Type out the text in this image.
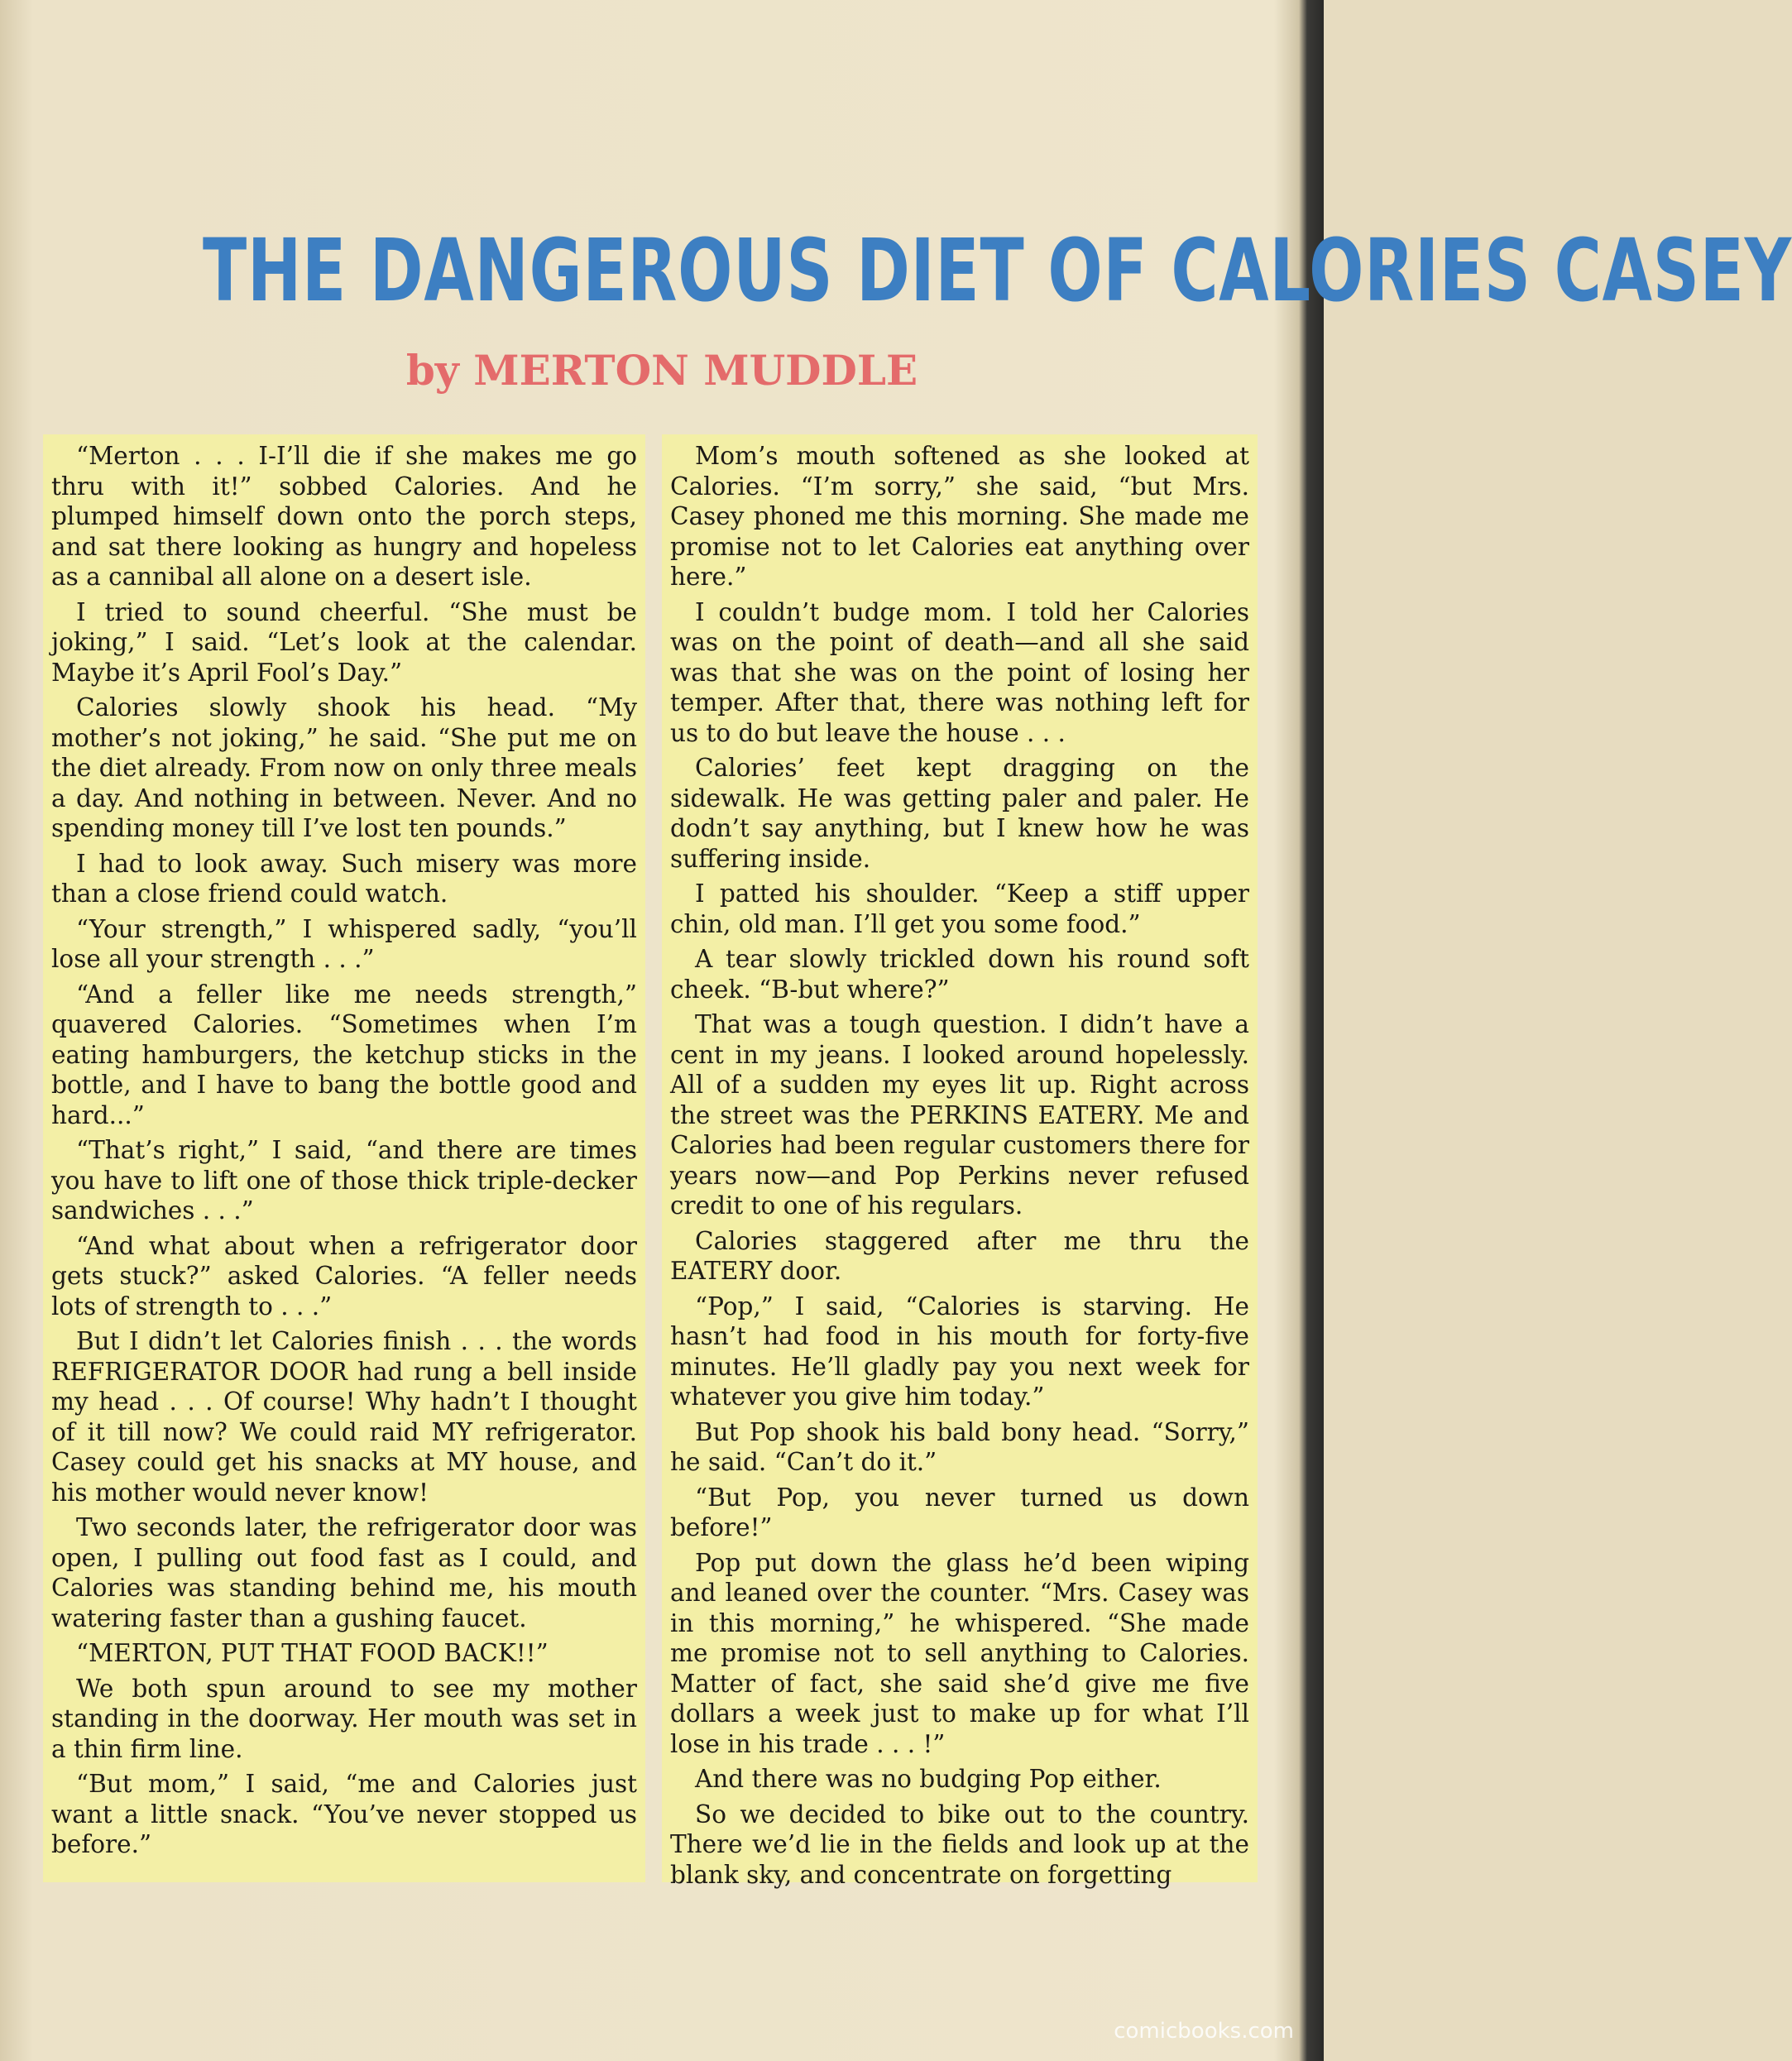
THE DANGEROUS DIET OF CALORIES CASEY
by MERTON MUDDLE

“Merton . . . I-I’ll die if she makes me go thru with it!” sobbed Calories. And he plumped himself down onto the porch steps, and sat there looking as hungry and hopeless as a cannibal all alone on a desert isle.

I tried to sound cheerful. “She must be joking,” I said. “Let’s look at the calendar. Maybe it’s April Fool’s Day.”

Calories slowly shook his head. “My mother’s not joking,” he said. “She put me on the diet already. From now on only three meals a day. And nothing in between. Never. And no spending money till I’ve lost ten pounds.”

I had to look away. Such misery was more than a close friend could watch.

“Your strength,” I whispered sadly, “you’ll lose all your strength . . .”

“And a feller like me needs strength,” quavered Calories. “Sometimes when I’m eating hamburgers, the ketchup sticks in the bottle, and I have to bang the bottle good and hard...”

“That’s right,” I said, “and there are times you have to lift one of those thick triple-decker sandwiches . . .”

“And what about when a refrigerator door gets stuck?” asked Calories. “A feller needs lots of strength to . . .”

But I didn’t let Calories finish . . . the words REFRIGERATOR DOOR had rung a bell inside my head . . . Of course! Why hadn’t I thought of it till now? We could raid MY refrigerator. Casey could get his snacks at MY house, and his mother would never know!

Two seconds later, the refrigerator door was open, I pulling out food fast as I could, and Calories was standing behind me, his mouth watering faster than a gushing faucet.

“MERTON, PUT THAT FOOD BACK!!”

We both spun around to see my mother standing in the doorway. Her mouth was set in a thin firm line.

“But mom,” I said, “me and Calories just want a little snack. “You’ve never stopped us before.”

Mom’s mouth softened as she looked at Calories. “I’m sorry,” she said, “but Mrs. Casey phoned me this morning. She made me promise not to let Calories eat anything over here.”

I couldn’t budge mom. I told her Calories was on the point of death—and all she said was that she was on the point of losing her temper. After that, there was nothing left for us to do but leave the house . . .

Calories’ feet kept dragging on the sidewalk. He was getting paler and paler. He dodn’t say anything, but I knew how he was suffering inside.

I patted his shoulder. “Keep a stiff upper chin, old man. I’ll get you some food.”

A tear slowly trickled down his round soft cheek. “B-but where?”

That was a tough question. I didn’t have a cent in my jeans. I looked around hopelessly. All of a sudden my eyes lit up. Right across the street was the PERKINS EATERY. Me and Calories had been regular customers there for years now—and Pop Perkins never refused credit to one of his regulars.

Calories staggered after me thru the EATERY door.

“Pop,” I said, “Calories is starving. He hasn’t had food in his mouth for forty-five minutes. He’ll gladly pay you next week for whatever you give him today.”

But Pop shook his bald bony head. “Sorry,” he said. “Can’t do it.”

“But Pop, you never turned us down before!”

Pop put down the glass he’d been wiping and leaned over the counter. “Mrs. Casey was in this morning,” he whispered. “She made me promise not to sell anything to Calories. Matter of fact, she said she’d give me five dollars a week just to make up for what I’ll lose in his trade . . . !”

And there was no budging Pop either.

So we decided to bike out to the country. There we’d lie in the fields and look up at the blank sky, and concentrate on forgetting

comicbooks.com
